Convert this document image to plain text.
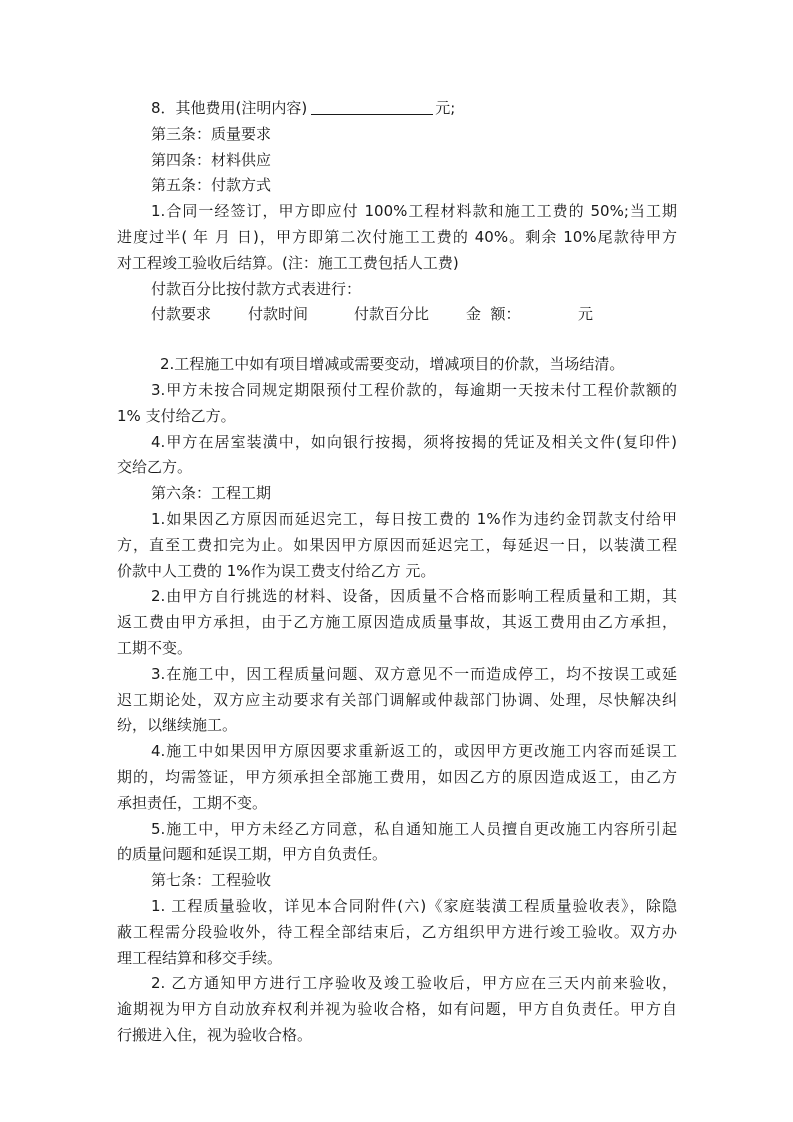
8．其他费用(注明内容)	元;
第三条：质量要求
第四条：材料供应
第五条：付款方式
1.合同一经签订，甲方即应付 100%工程材料款和施工工费的 50%;当工期
进度过半( 年 月 日)，甲方即第二次付施工工费的 40%。剩余 10%尾款待甲方
对工程竣工验收后结算。(注：施工工费包括人工费)
付款百分比按付款方式表进行：
付款要求 付款时间	付款百分比 金  额：	元
2.工程施工中如有项目增减或需要变动，增减项目的价款，当场结清。
3.甲方未按合同规定期限预付工程价款的，每逾期一天按未付工程价款额的
1% 支付给乙方。
4.甲方在居室装潢中，如向银行按揭，须将按揭的凭证及相关文件(复印件)
交给乙方。
第六条：工程工期
1.如果因乙方原因而延迟完工，每日按工费的 1%作为违约金罚款支付给甲
方，直至工费扣完为止。如果因甲方原因而延迟完工，每延迟一日，以装潢工程
价款中人工费的 1%作为误工费支付给乙方 元。
2.由甲方自行挑选的材料、设备，因质量不合格而影响工程质量和工期，其
返工费由甲方承担，由于乙方施工原因造成质量事故，其返工费用由乙方承担，
工期不变。
3.在施工中，因工程质量问题、双方意见不一而造成停工，均不按误工或延
迟工期论处，双方应主动要求有关部门调解或仲裁部门协调、处理，尽快解决纠
纷，以继续施工。
4.施工中如果因甲方原因要求重新返工的，或因甲方更改施工内容而延误工
期的，均需签证，甲方须承担全部施工费用，如因乙方的原因造成返工，由乙方
承担责任，工期不变。
5.施工中，甲方未经乙方同意，私自通知施工人员擅自更改施工内容所引起
的质量问题和延误工期，甲方自负责任。
第七条：工程验收
1. 工程质量验收，详见本合同附件(六)《家庭装潢工程质量验收表》，除隐
蔽工程需分段验收外，待工程全部结束后，乙方组织甲方进行竣工验收。双方办
理工程结算和移交手续。
2. 乙方通知甲方进行工序验收及竣工验收后，甲方应在三天内前来验收，
逾期视为甲方自动放弃权利并视为验收合格，如有问题，甲方自负责任。甲方自
行搬进入住，视为验收合格。
